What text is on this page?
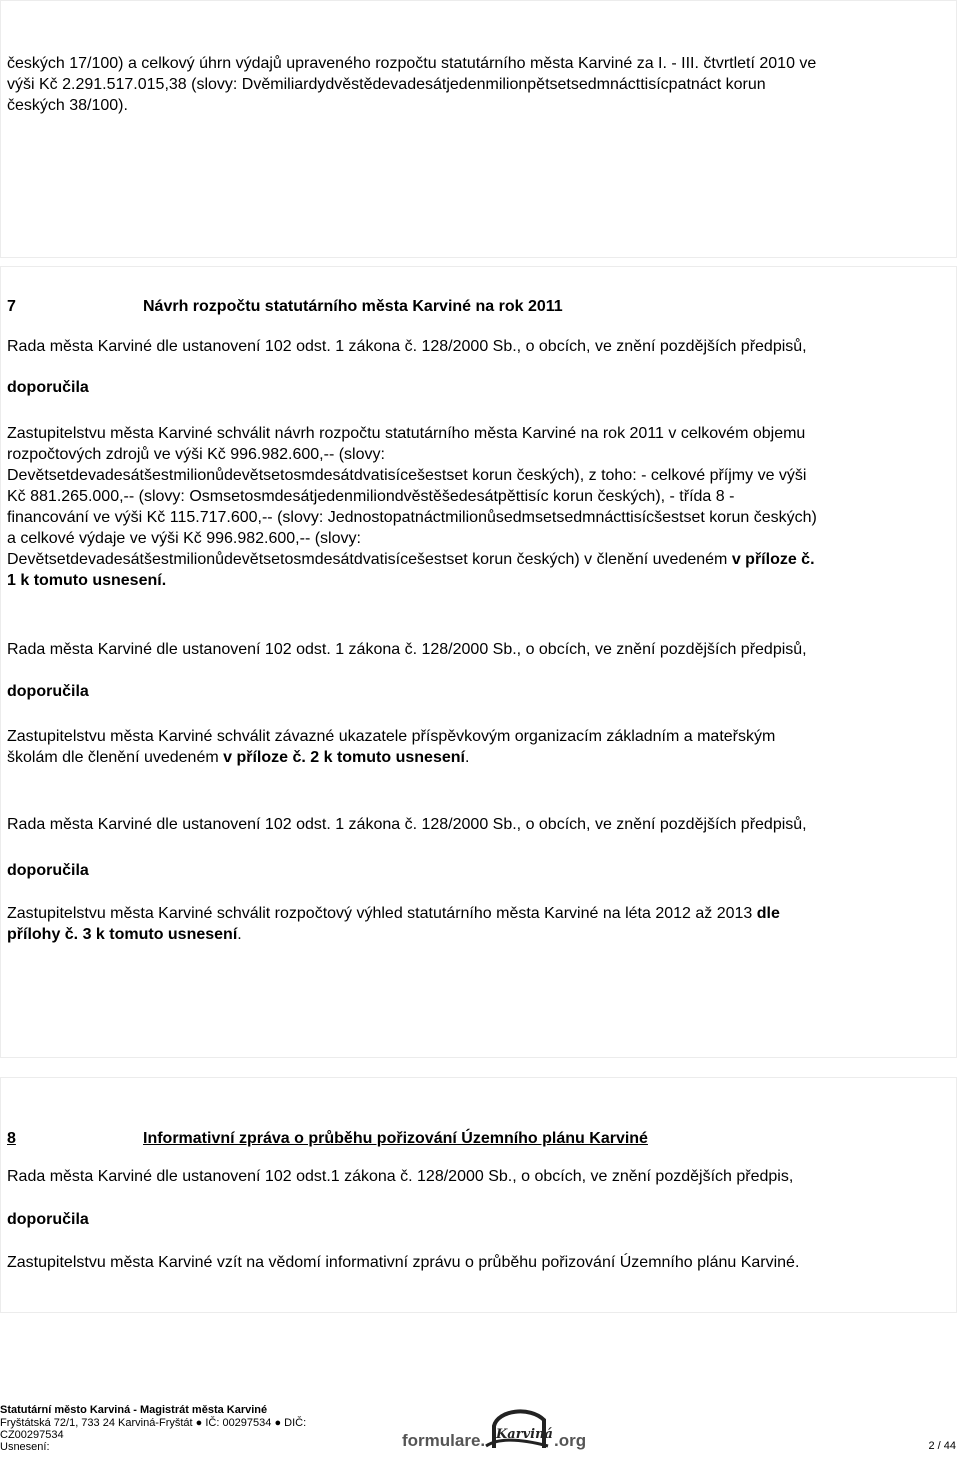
českých 17/100) a celkový úhrn výdajů upraveného rozpočtu statutárního města Karviné za I. - III. čtvrtletí 2010 ve
výši Kč 2.291.517.015,38 (slovy: Dvěmiliardydvěstědevadesátjedenmilionpětsetsedmnácttisícpatnáct korun
českých 38/100).
7	Návrh rozpočtu statutárního města Karviné na rok 2011
Rada města Karviné dle ustanovení 102 odst. 1 zákona č. 128/2000 Sb., o obcích, ve znění pozdějších předpisů,
doporučila
Zastupitelstvu města Karviné schválit návrh rozpočtu statutárního města Karviné na rok 2011 v celkovém objemu
rozpočtových zdrojů ve výši Kč 996.982.600,-- (slovy:
Devětsetdevadesátšestmilionůdevětsetosmdesátdvatisícešestset korun českých), z toho: - celkové příjmy ve výši
Kč 881.265.000,-- (slovy: Osmsetosmdesátjedenmiliondvěstěšedesátpěttisíc korun českých), - třída 8 -
financování ve výši Kč 115.717.600,-- (slovy: Jednostopatnáctmilionůsedmsetsedmnácttisícšestset korun českých)
a celkové výdaje ve výši Kč 996.982.600,-- (slovy:
Devětsetdevadesátšestmilionůdevětsetosmdesátdvatisícešestset korun českých) v členění uvedeném v příloze č.
1 k tomuto usnesení.
Rada města Karviné dle ustanovení 102 odst. 1 zákona č. 128/2000 Sb., o obcích, ve znění pozdějších předpisů,
doporučila
Zastupitelstvu města Karviné schválit závazné ukazatele příspěvkovým organizacím základním a mateřským
školám dle členění uvedeném v příloze č. 2 k tomuto usnesení.
Rada města Karviné dle ustanovení 102 odst. 1 zákona č. 128/2000 Sb., o obcích, ve znění pozdějších předpisů,
doporučila
Zastupitelstvu města Karviné schválit rozpočtový výhled statutárního města Karviné na léta 2012 až 2013 dle
přílohy č. 3 k tomuto usnesení.
8	Informativní zpráva o průběhu pořizování Územního plánu Karviné
Rada města Karviné dle ustanovení 102 odst.1 zákona č. 128/2000 Sb., o obcích, ve znění pozdějších předpis,
doporučila
Zastupitelstvu města Karviné vzít na vědomí informativní zprávu o průběhu pořizování Územního plánu Karviné.
Statutární město Karviná - Magistrát města Karviné
Fryštátská 72/1, 733 24 Karviná-Fryštát ● IČ: 00297534 ● DIČ:
CZ00297534
Usnesení:	formulare. Karviná .org	2 / 44
